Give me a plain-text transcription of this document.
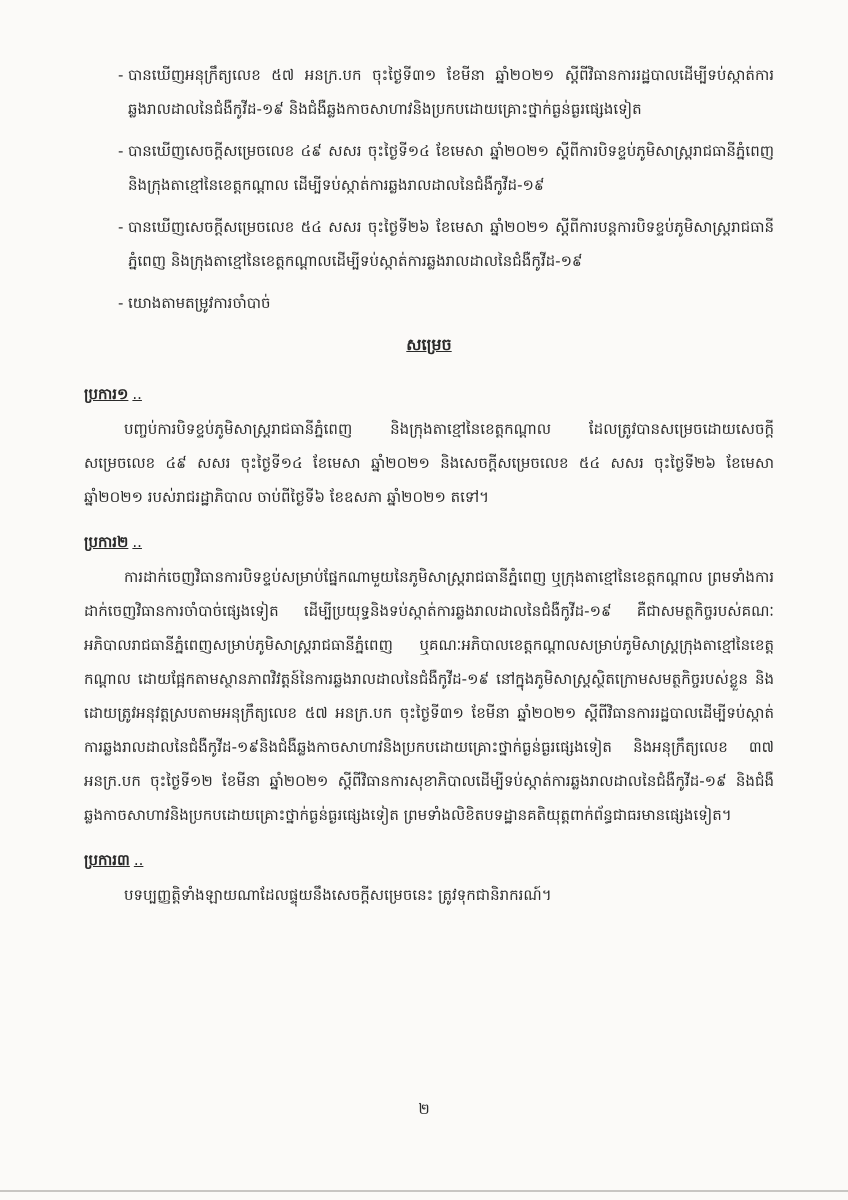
- បានឃើញអនុក្រឹត្យលេខ ៥៧ អនក្រ.បក ចុះថ្ងៃទី៣១ ខែមីនា ឆ្នាំ២០២១ ស្តីពីវិធានការរដ្ឋបាលដើម្បីទប់ស្កាត់ការឆ្លងរាលដាលនៃជំងឺកូវីដ-១៩ និងជំងឺឆ្លងកាចសាហាវនិងប្រកបដោយគ្រោះថ្នាក់ធ្ងន់ធ្ងរផ្សេងទៀត
- បានឃើញសេចក្តីសម្រេចលេខ ៤៩ សសរ ចុះថ្ងៃទី១៤ ខែមេសា ឆ្នាំ២០២១ ស្តីពីការបិទខ្ទប់ភូមិសាស្រ្តរាជធានីភ្នំពេញ និងក្រុងតាខ្មៅនៃខេត្តកណ្តាល ដើម្បីទប់ស្កាត់ការឆ្លងរាលដាលនៃជំងឺកូវីដ-១៩
- បានឃើញសេចក្តីសម្រេចលេខ ៥៤ សសរ ចុះថ្ងៃទី២៦ ខែមេសា ឆ្នាំ២០២១ ស្តីពីការបន្តការបិទខ្ទប់ភូមិសាស្រ្តរាជធានីភ្នំពេញ និងក្រុងតាខ្មៅនៃខេត្តកណ្តាលដើម្បីទប់ស្កាត់ការឆ្លងរាលដាលនៃជំងឺកូវីដ-១៩
- យោងតាមតម្រូវការចាំបាច់
សម្រេច
ប្រការ១ ..
បញ្ចប់ការបិទខ្ទប់ភូមិសាស្រ្តរាជធានីភ្នំពេញ និងក្រុងតាខ្មៅនៃខេត្តកណ្តាល ដែលត្រូវបានសម្រេចដោយសេចក្តីសម្រេចលេខ ៤៩ សសរ ចុះថ្ងៃទី១៤ ខែមេសា ឆ្នាំ២០២១ និងសេចក្តីសម្រេចលេខ ៥៤ សសរ ចុះថ្ងៃទី២៦ ខែមេសា ឆ្នាំ២០២១ របស់រាជរដ្ឋាភិបាល ចាប់ពីថ្ងៃទី៦ ខែឧសភា ឆ្នាំ២០២១ តទៅ។
ប្រការ២ ..
ការដាក់ចេញវិធានការបិទខ្ទប់សម្រាប់ផ្នែកណាមួយនៃភូមិសាស្រ្តរាជធានីភ្នំពេញ ឬក្រុងតាខ្មៅនៃខេត្តកណ្តាល ព្រមទាំងការដាក់ចេញវិធានការចាំបាច់ផ្សេងទៀត ដើម្បីប្រយុទ្ធនិងទប់ស្កាត់ការឆ្លងរាលដាលនៃជំងឺកូវីដ-១៩ គឺជាសមត្ថកិច្ចរបស់គណៈអភិបាលរាជធានីភ្នំពេញសម្រាប់ភូមិសាស្រ្តរាជធានីភ្នំពេញ ឬគណៈអភិបាលខេត្តកណ្តាលសម្រាប់ភូមិសាស្រ្តក្រុងតាខ្មៅនៃខេត្តកណ្តាល ដោយផ្អែកតាមស្ថានភាពវិវត្តន៍នៃការឆ្លងរាលដាលនៃជំងឺកូវីដ-១៩ នៅក្នុងភូមិសាស្រ្តស្ថិតក្រោមសមត្ថកិច្ចរបស់ខ្លួន និងដោយត្រូវអនុវត្តស្របតាមអនុក្រឹត្យលេខ ៥៧ អនក្រ.បក ចុះថ្ងៃទី៣១ ខែមីនា ឆ្នាំ២០២១ ស្តីពីវិធានការរដ្ឋបាលដើម្បីទប់ស្កាត់ការឆ្លងរាលដាលនៃជំងឺកូវីដ-១៩និងជំងឺឆ្លងកាចសាហាវនិងប្រកបដោយគ្រោះថ្នាក់ធ្ងន់ធ្ងរផ្សេងទៀត និងអនុក្រឹត្យលេខ ៣៧ អនក្រ.បក ចុះថ្ងៃទី១២ ខែមីនា ឆ្នាំ២០២១ ស្តីពីវិធានការសុខាភិបាលដើម្បីទប់ស្កាត់ការឆ្លងរាលដាលនៃជំងឺកូវីដ-១៩ និងជំងឺឆ្លងកាចសាហាវនិងប្រកបដោយគ្រោះថ្នាក់ធ្ងន់ធ្ងរផ្សេងទៀត ព្រមទាំងលិខិតបទដ្ឋានគតិយុត្តពាក់ព័ន្ធជាធរមានផ្សេងទៀត។
ប្រការ៣ ..
បទប្បញ្ញត្តិទាំងឡាយណាដែលផ្ទុយនឹងសេចក្តីសម្រេចនេះ ត្រូវទុកជានិរាករណ៍។
២
